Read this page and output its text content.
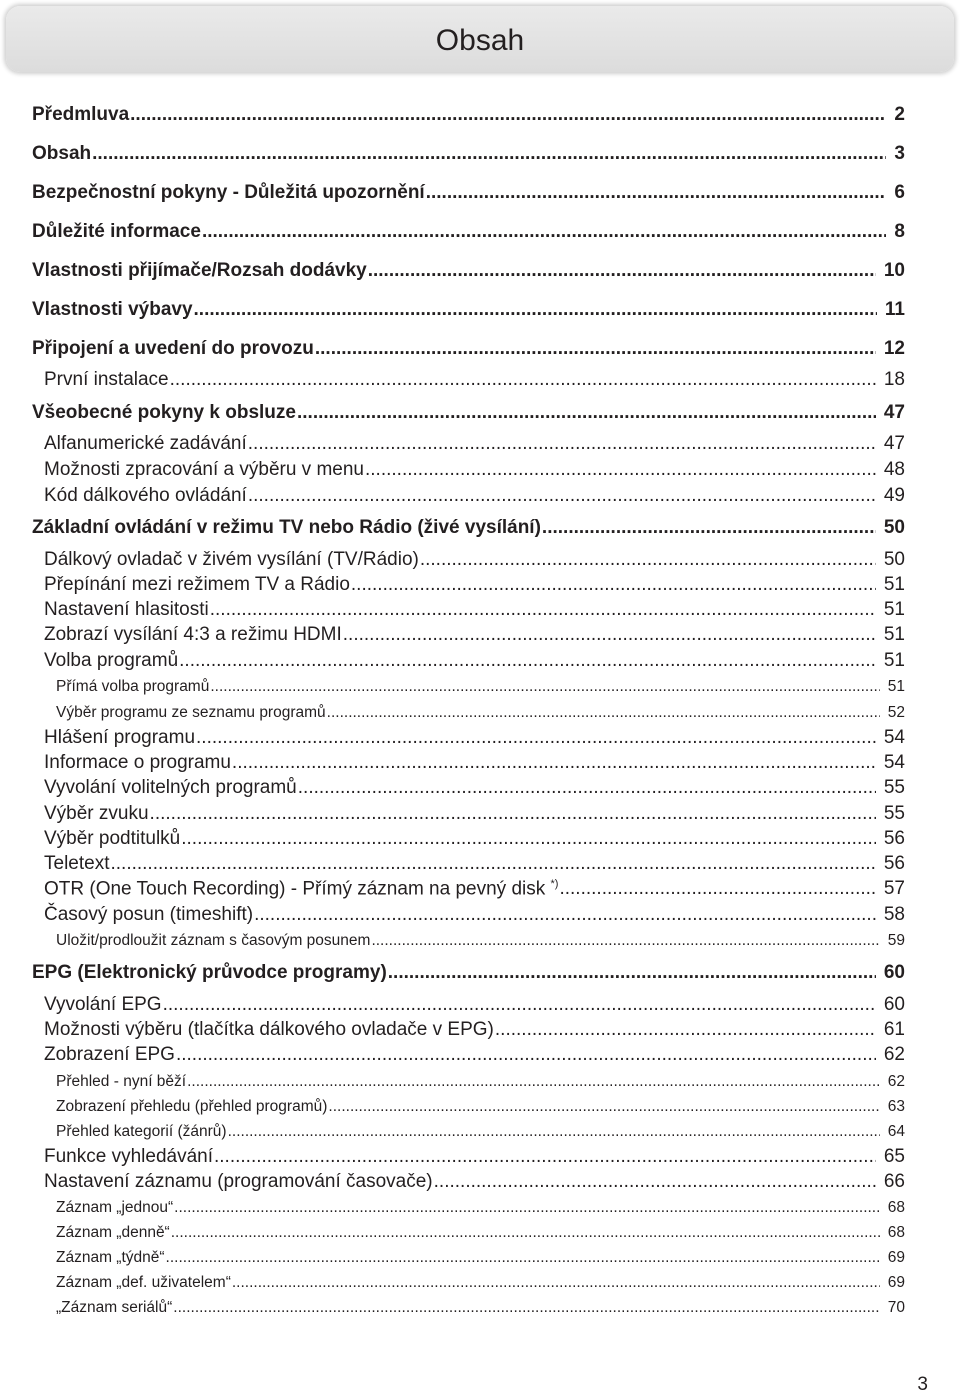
Obsah
Předmluva .....	2
Obsah .....	3
Bezpečnostní pokyny - Důležitá upozornění .....	6
Důležité informace .....	8
Vlastnosti přijímače/Rozsah dodávky .....	10
Vlastnosti výbavy .....	11
Připojení a uvedení do provozu .....	12
První instalace .....	18
Všeobecné pokyny k obsluze .....	47
Alfanumerické zadávání .....	47
Možnosti zpracování a výběru v menu .....	48
Kód dálkového ovládání .....	49
Základní ovládání v režimu TV nebo Rádio (živé vysílání) .....	50
Dálkový ovladač v živém vysílání (TV/Rádio) .....	50
Přepínání mezi režimem TV a Rádio .....	51
Nastavení hlasitosti .....	51
Zobrazí vysílání 4:3 a režimu HDMI .....	51
Volba programů .....	51
Přímá volba programů .....	51
Výběr programu ze seznamu programů .....	52
Hlášení programu .....	54
Informace o programu .....	54
Vyvolání volitelných programů .....	55
Výběr zvuku .....	55
Výběr podtitulků .....	56
Teletext .....	56
OTR (One Touch Recording) - Přímý záznam na pevný disk *) .....	57
Časový posun (timeshift) .....	58
Uložit/prodloužit záznam s časovým posunem .....	59
EPG (Elektronický průvodce programy) .....	60
Vyvolání EPG .....	60
Možnosti výběru (tlačítka dálkového ovladače v EPG) .....	61
Zobrazení EPG .....	62
Přehled - nyní běží .....	62
Zobrazení přehledu (přehled programů) .....	63
Přehled kategorií (žánrů) .....	64
Funkce vyhledávání .....	65
Nastavení záznamu (programování časovače) .....	66
Záznam „jednou“ .....	68
Záznam „denně“ .....	68
Záznam „týdně“ .....	69
Záznam „def. uživatelem“ .....	69
„Záznam seriálů“ .....	70
3
